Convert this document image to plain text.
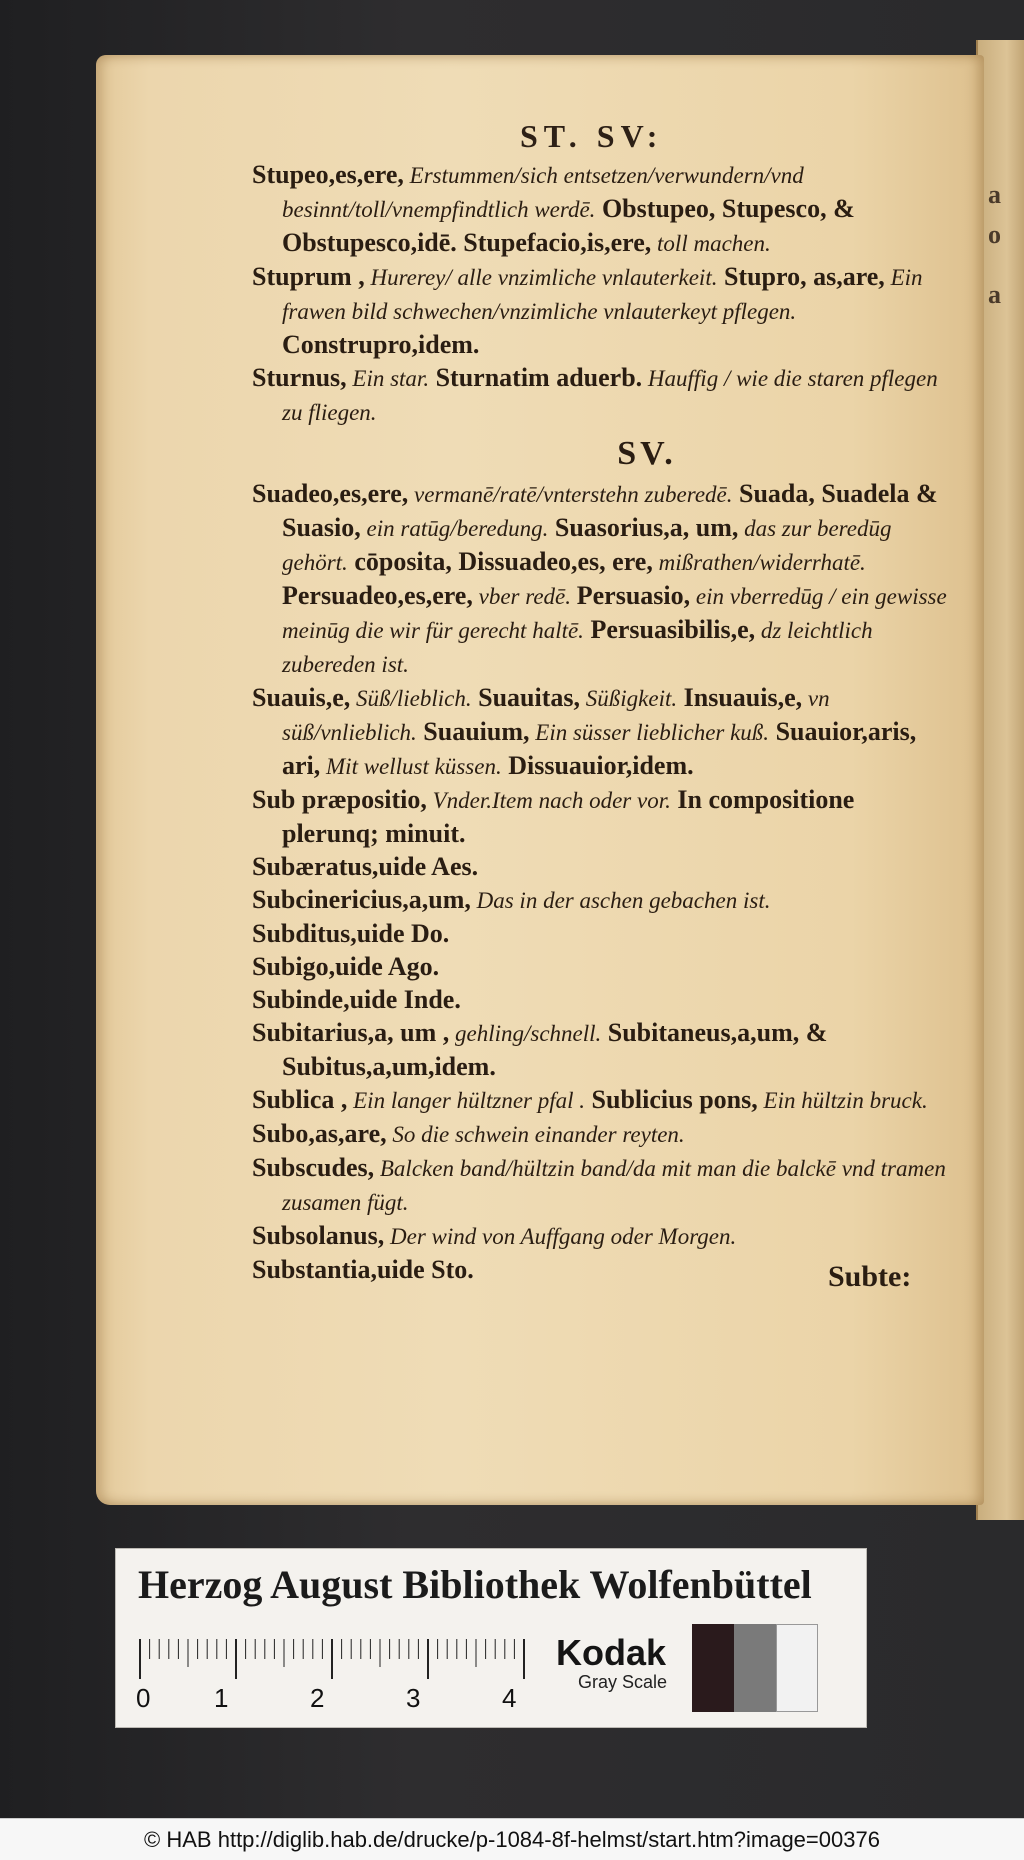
a
o
a
ST. SV:
Stupeo,es,ere, Erstummen/sich entsetzen/verwundern/vnd besinnt/toll/vnempfindtlich werdē. Obstupeo, Stupesco, & Obstupesco,idē. Stupefacio,is,ere, toll machen.
Stuprum , Hurerey/ alle vnzimliche vnlauterkeit. Stupro, as,are, Ein frawen bild schwechen/vnzimliche vnlauterkeyt pflegen. Construpro,idem.
Sturnus, Ein star. Sturnatim aduerb. Hauffig / wie die staren pflegen zu fliegen.
SV.
Suadeo,es,ere, vermanē/ratē/vnterstehn zuberedē. Suada, Suadela & Suasio, ein ratūg/beredung. Suasorius,a, um, das zur beredūg gehört. cōposita, Dissuadeo,es, ere, mißrathen/widerrhatē. Persuadeo,es,ere, vber redē. Persuasio, ein vberredūg / ein gewisse meinūg die wir für gerecht haltē. Persuasibilis,e, dz leichtlich zubereden ist.
Suauis,e, Süß/lieblich. Suauitas, Süßigkeit. Insuauis,e, vn süß/vnlieblich. Suauium, Ein süsser lieblicher kuß. Suauior,aris, ari, Mit wellust küssen. Dissuauior,idem.
Sub præpositio, Vnder.Item nach oder vor. In compositione plerunq; minuit.
Subæratus,uide Aes.
Subcinericius,a,um, Das in der aschen gebachen ist.
Subditus,uide Do.
Subigo,uide Ago.
Subinde,uide Inde.
Subitarius,a, um , gehling/schnell. Subitaneus,a,um, & Subitus,a,um,idem.
Sublica , Ein langer hültzner pfal . Sublicius pons, Ein hültzin bruck.
Subo,as,are, So die schwein einander reyten.
Subscudes, Balcken band/hültzin band/da mit man die balckē vnd tramen zusamen fügt.
Subsolanus, Der wind von Auffgang oder Morgen.
Substantia,uide Sto.	Subte:
Herzog August Bibliothek Wolfenbüttel
0 1	2	3	4
Kodak
Gray Scale
© HAB http://diglib.hab.de/drucke/p-1084-8f-helmst/start.htm?image=00376
